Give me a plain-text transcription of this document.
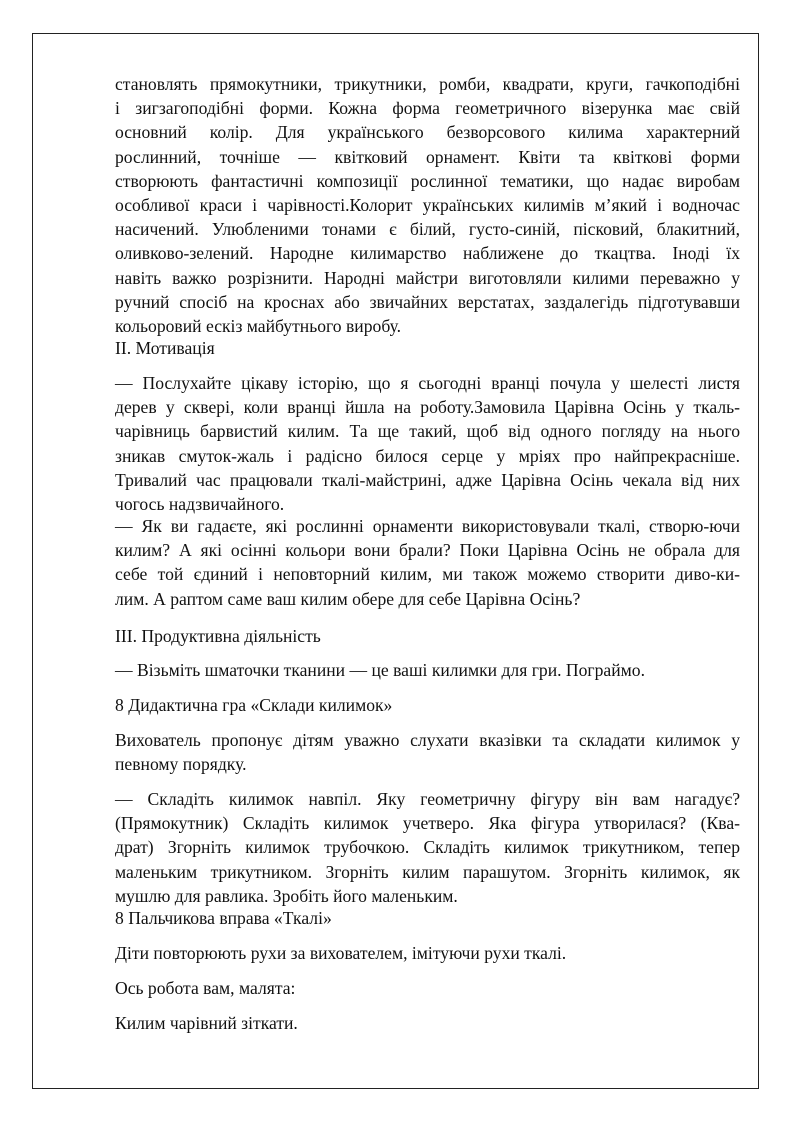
становлять прямокутники, трикутники, ромби, квадрати, круги, гачкоподібні
і зигзагоподібні форми. Кожна форма геометричного візерунка має свій
основний колір. Для українського безворсового килима характерний
рослинний, точніше — квітковий орнамент. Квіти та квіткові форми
створюють фантастичні композиції рослинної тематики, що надає виробам
особливої краси і чарівності.Колорит українських килимів м’який і водночас
насичений. Улюбленими тонами є білий, густо-синій, пісковий, блакитний,
оливково-зелений. Народне килимарство наближене до ткацтва. Іноді їх
навіть важко розрізнити. Народні майстри виготовляли килими переважно у
ручний спосіб на кроснах або звичайних верстатах, заздалегідь підготувавши
кольоровий ескіз майбутнього виробу.
ІІ. Мотивація
— Послухайте цікаву історію, що я сьогодні вранці почула у шелесті листя
дерев у сквері, коли вранці йшла на роботу.Замовила Царівна Осінь у ткаль-
чарівниць барвистий килим. Та ще такий, щоб від одного погляду на нього
зникав смуток-жаль і радісно билося серце у мріях про найпрекрасніше.
Тривалий час працювали ткалі-майстрині, адже Царівна Осінь чекала від них
чогось надзвичайного.
— Як ви гадаєте, які рослинні орнаменти використовували ткалі, створю-ючи
килим? А які осінні кольори вони брали? Поки Царівна Осінь не обрала для
себе той єдиний і неповторний килим, ми також можемо створити диво-ки-
лим. А раптом саме ваш килим обере для себе Царівна Осінь?
ІІІ. Продуктивна діяльність
— Візьміть шматочки тканини — це ваші килимки для гри. Пограймо.
8 Дидактична гра «Склади килимок»
Вихователь пропонує дітям уважно слухати вказівки та складати килимок у
певному порядку.
— Складіть килимок навпіл. Яку геометричну фігуру він вам нагадує?
(Прямокутник) Складіть килимок учетверо. Яка фігура утворилася? (Ква-
драт) Згорніть килимок трубочкою. Складіть килимок трикутником, тепер
маленьким трикутником. Згорніть килим парашутом. Згорніть килимок, як
мушлю для равлика. Зробіть його маленьким.
8 Пальчикова вправа «Ткалі»
Діти повторюють рухи за вихователем, імітуючи рухи ткалі.
Ось робота вам, малята:
Килим чарівний зіткати.
